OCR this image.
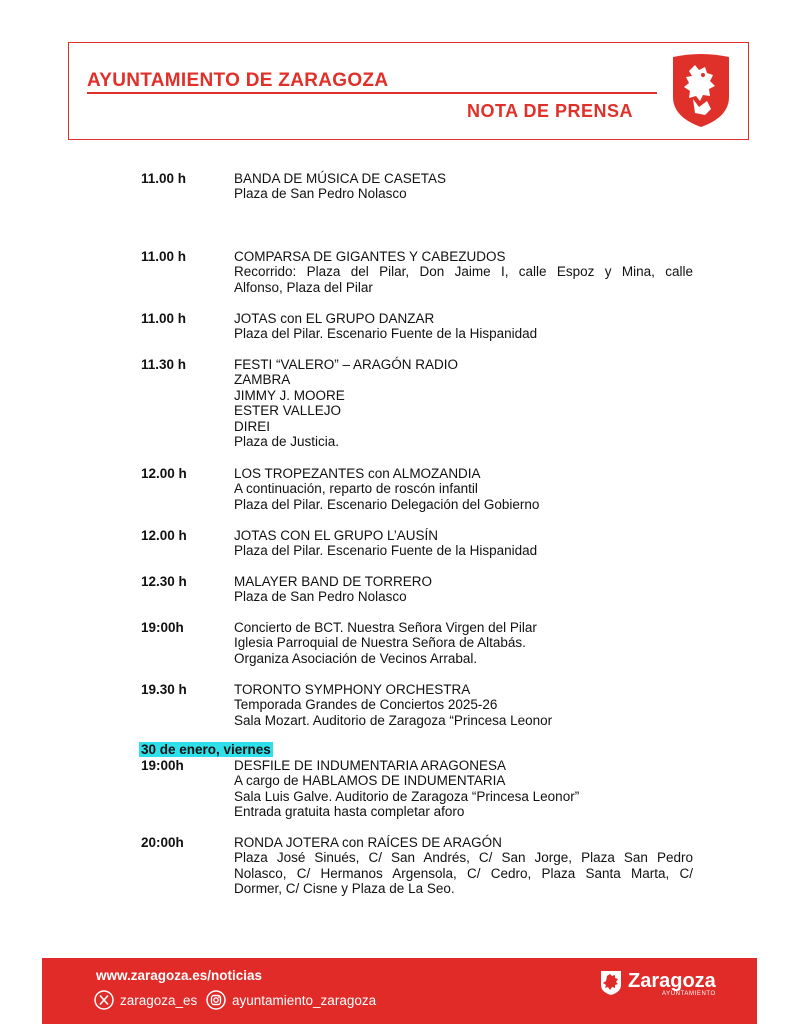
AYUNTAMIENTO DE ZARAGOZA
NOTA DE PRENSA
11.00 h	BANDA DE MÚSICA DE CASETAS
Plaza de San Pedro Nolasco
11.00 h	COMPARSA DE GIGANTES Y CABEZUDOS
Recorrido: Plaza del Pilar, Don Jaime I, calle Espoz y Mina, calle
Alfonso, Plaza del Pilar
11.00 h	JOTAS con EL GRUPO DANZAR
Plaza del Pilar. Escenario Fuente de la Hispanidad
11.30 h	FESTI “VALERO” – ARAGÓN RADIO
ZAMBRA
JIMMY J. MOORE
ESTER VALLEJO
DIREI
Plaza de Justicia.
12.00 h	LOS TROPEZANTES con ALMOZANDIA
A continuación, reparto de roscón infantil
Plaza del Pilar. Escenario Delegación del Gobierno
12.00 h	JOTAS CON EL GRUPO L’AUSÍN
Plaza del Pilar. Escenario Fuente de la Hispanidad
12.30 h	MALAYER BAND DE TORRERO
Plaza de San Pedro Nolasco
19:00h	Concierto de BCT. Nuestra Señora Virgen del Pilar
Iglesia Parroquial de Nuestra Señora de Altabás.
Organiza Asociación de Vecinos Arrabal.
19.30 h	TORONTO SYMPHONY ORCHESTRA
Temporada Grandes de Conciertos 2025-26
Sala Mozart. Auditorio de Zaragoza “Princesa Leonor
30 de enero, viernes
19:00h	DESFILE DE INDUMENTARIA ARAGONESA
A cargo de HABLAMOS DE INDUMENTARIA
Sala Luis Galve. Auditorio de Zaragoza “Princesa Leonor”
Entrada gratuita hasta completar aforo
20:00h	RONDA JOTERA con RAÍCES DE ARAGÓN
Plaza José Sinués, C/ San Andrés, C/ San Jorge, Plaza San Pedro
Nolasco, C/ Hermanos Argensola, C/ Cedro, Plaza Santa Marta, C/
Dormer, C/ Cisne y Plaza de La Seo.
www.zaragoza.es/noticias
zaragoza_es	ayuntamiento_zaragoza
Zaragoza
AYUNTAMIENTO
